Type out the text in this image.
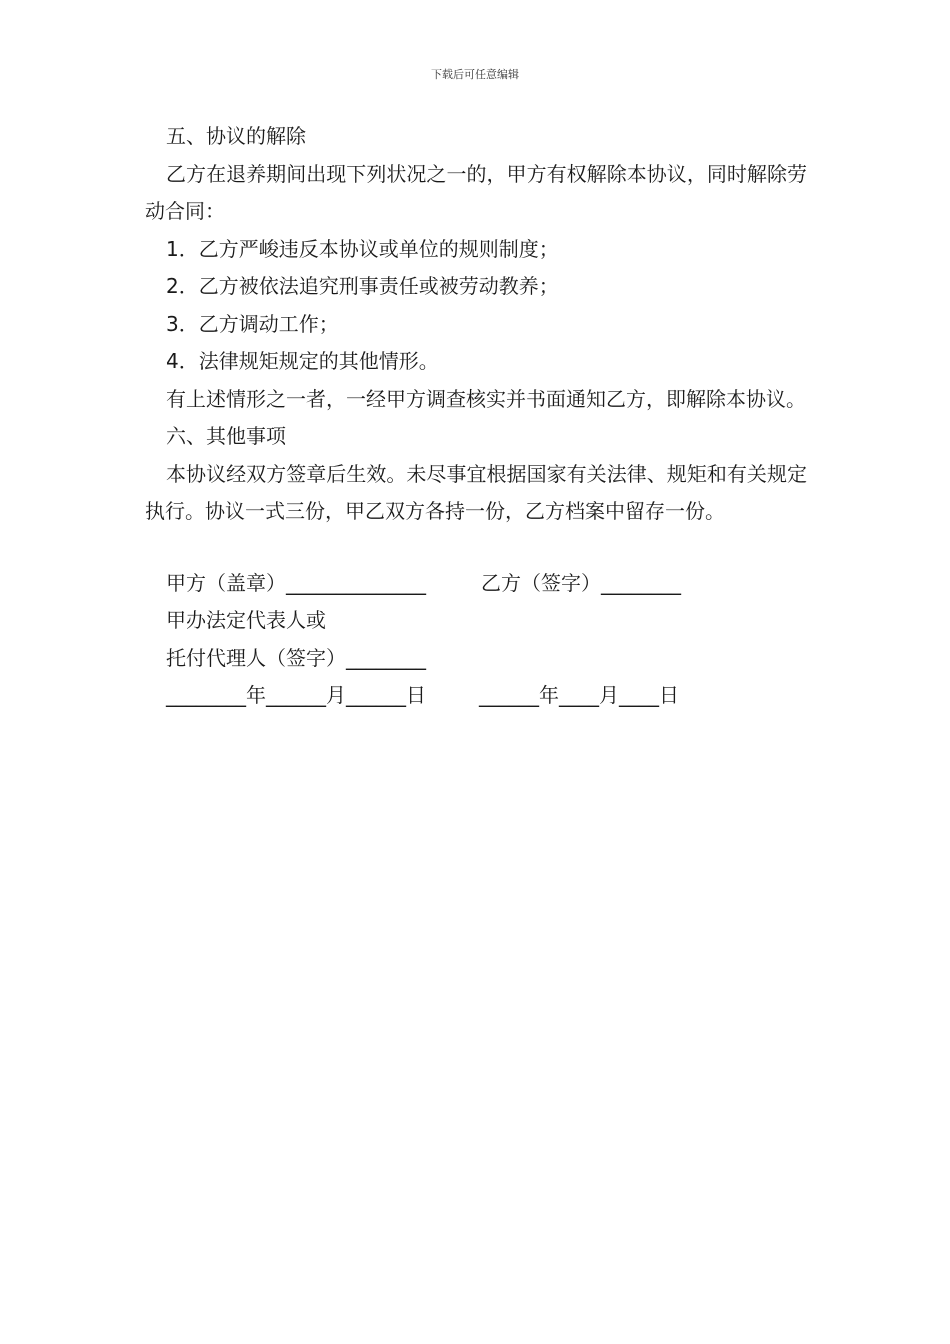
下载后可任意编辑
五、协议的解除
乙方在退养期间出现下列状况之一的，甲方有权解除本协议，同时解除劳动合同：
1．乙方严峻违反本协议或单位的规则制度；
2．乙方被依法追究刑事责任或被劳动教养；
3．乙方调动工作；
4．法律规矩规定的其他情形。
有上述情形之一者，一经甲方调查核实并书面通知乙方，即解除本协议。
六、其他事项
本协议经双方签章后生效。未尽事宜根据国家有关法律、规矩和有关规定执行。协议一式三份，甲乙双方各持一份，乙方档案中留存一份。
甲方（盖章）______________	乙方（签字）________
甲办法定代表人或
托付代理人（签字）________
________年______月______日	______年____月____日
